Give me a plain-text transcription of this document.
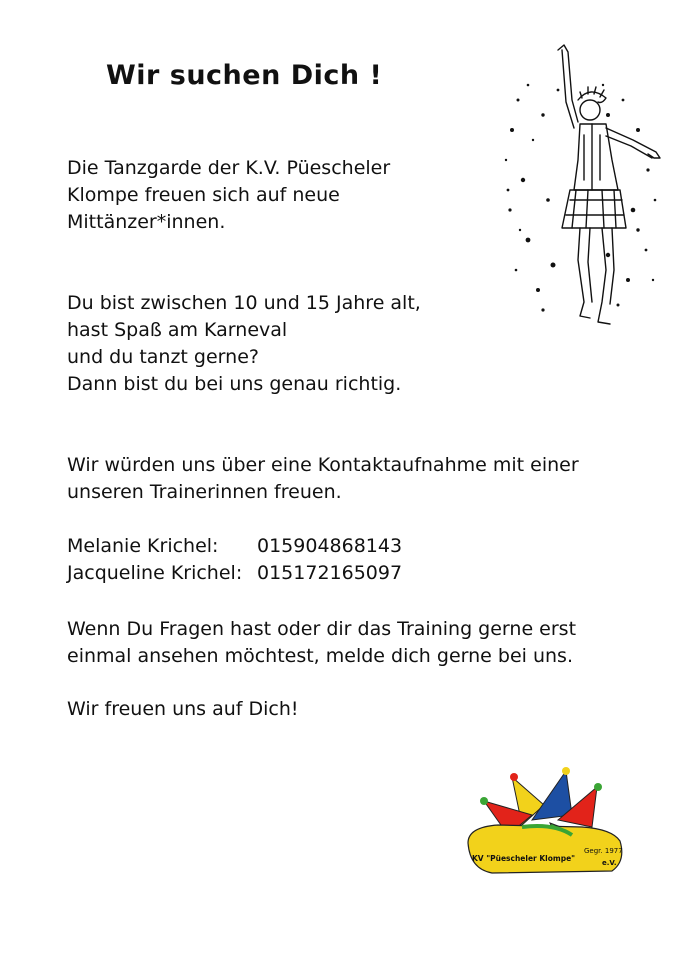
Wir suchen Dich !
Die Tanzgarde der K.V. Püescheler
Klompe freuen sich auf neue
Mittänzer*innen.
Du bist zwischen 10 und 15 Jahre alt,
hast Spaß am Karneval
und du tanzt gerne?
Dann bist du bei uns genau richtig.
Wir würden uns über eine Kontaktaufnahme mit einer
unseren Trainerinnen freuen.
Melanie Krichel:	015904868143
Jacqueline Krichel: 015172165097
Wenn Du Fragen hast oder dir das Training gerne erst
einmal ansehen möchtest, melde dich gerne bei uns.
Wir freuen uns auf Dich!
KV "Püescheler Klompe"	e.V.
Gegr. 1977
